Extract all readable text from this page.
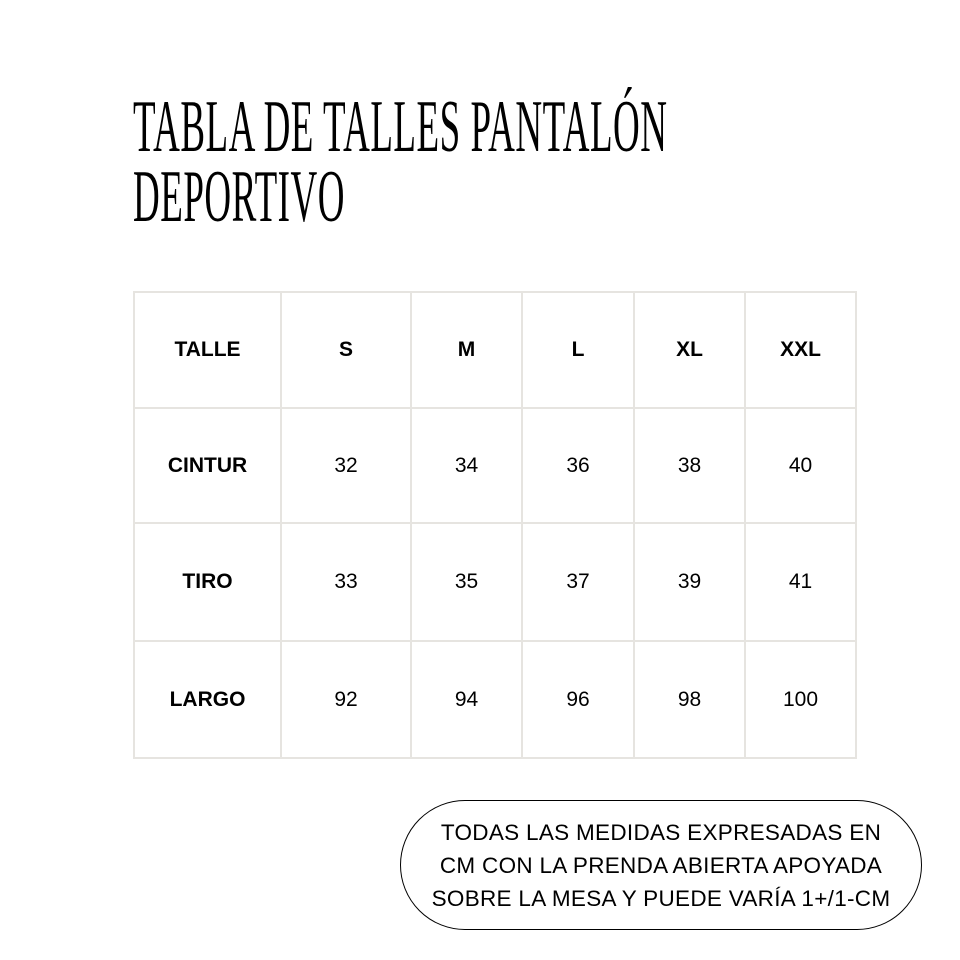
TABLA DE TALLES PANTALÓN
DEPORTIVO
TALLE	S	M	L	XL	XXL
CINTUR	32	34	36	38	40
TIRO	33	35	37	39	41
LARGO	92	94	96	98	100
TODAS LAS MEDIDAS EXPRESADAS EN
CM CON LA PRENDA ABIERTA APOYADA
SOBRE LA MESA Y PUEDE VARÍA 1+/1-CM
